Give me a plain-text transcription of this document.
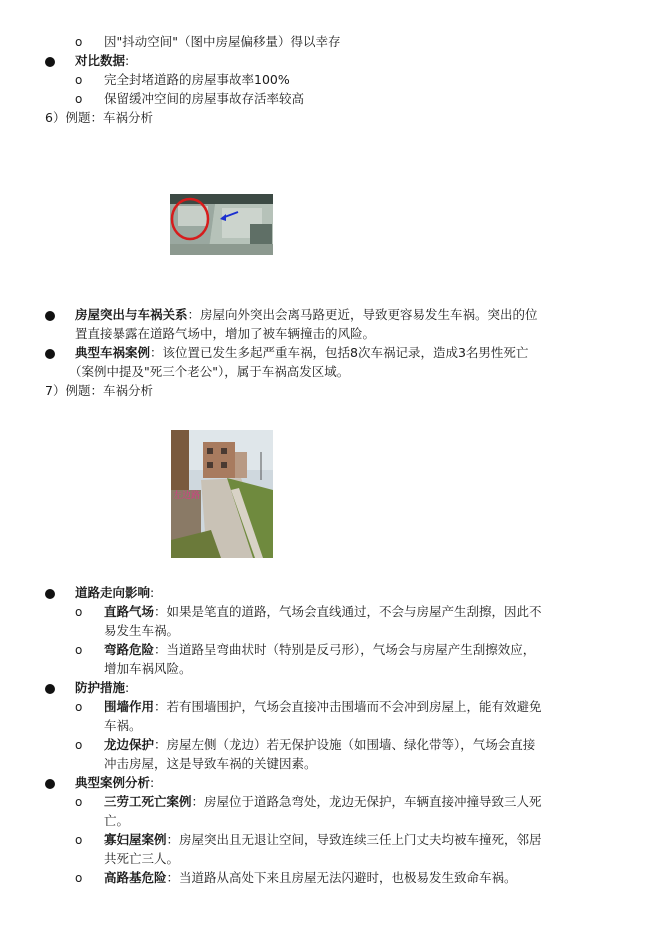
o 因"抖动空间"（图中房屋偏移量）得以幸存
对比数据:
o 完全封堵道路的房屋事故率100%
o 保留缓冲空间的房屋事故存活率较高
6）例题：车祸分析
房屋突出与车祸关系：房屋向外突出会离马路更近，导致更容易发生车祸。突出的位
置直接暴露在道路气场中，增加了被车辆撞击的风险。
典型车祸案例：该位置已发生多起严重车祸，包括8次车祸记录，造成3名男性死亡
（案例中提及"死三个老公"），属于车祸高发区域。
7）例题：车祸分析
左边路
道路走向影响:
o 直路气场：如果是笔直的道路，气场会直线通过，不会与房屋产生刮擦，因此不
易发生车祸。
o 弯路危险：当道路呈弯曲状时（特别是反弓形），气场会与房屋产生刮擦效应，
增加车祸风险。
防护措施:
o 围墙作用：若有围墙围护，气场会直接冲击围墙而不会冲到房屋上，能有效避免
车祸。
o 龙边保护：房屋左侧（龙边）若无保护设施（如围墙、绿化带等），气场会直接
冲击房屋，这是导致车祸的关键因素。
典型案例分析:
o 三劳工死亡案例：房屋位于道路急弯处，龙边无保护，车辆直接冲撞导致三人死
亡。
o 寡妇屋案例：房屋突出且无退让空间，导致连续三任上门丈夫均被车撞死，邻居
共死亡三人。
o 高路基危险：当道路从高处下来且房屋无法闪避时，也极易发生致命车祸。
